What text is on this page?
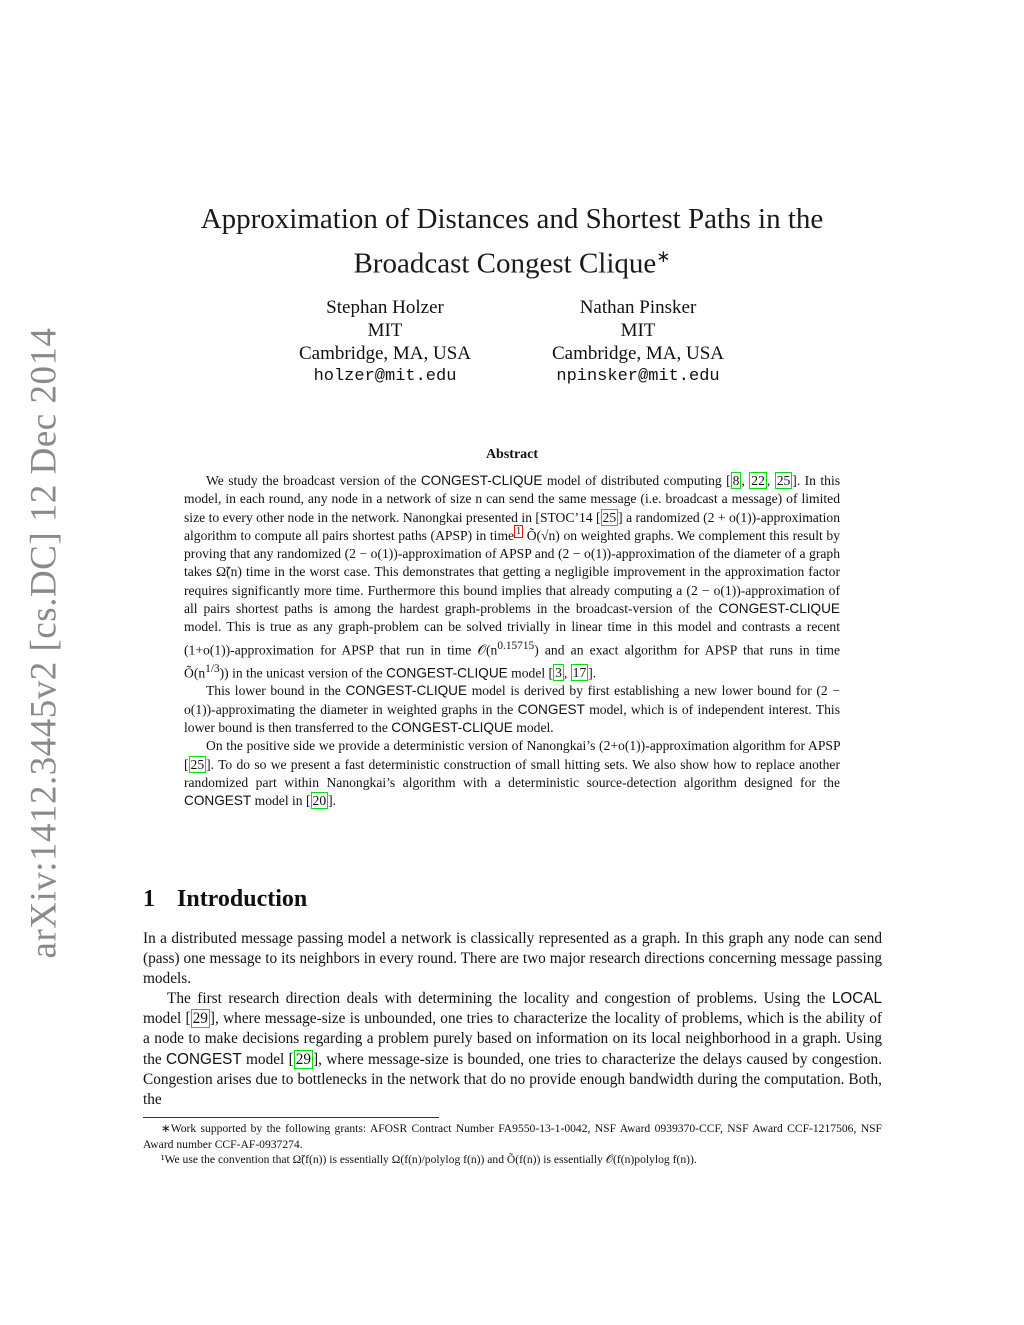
arXiv:1412.3445v2 [cs.DC] 12 Dec 2014
Approximation of Distances and Shortest Paths in the
Broadcast Congest Clique∗
Stephan Holzer
MIT
Cambridge, MA, USA
holzer@mit.edu
Nathan Pinsker
MIT
Cambridge, MA, USA
npinsker@mit.edu
Abstract

We study the broadcast version of the CONGEST-CLIQUE model of distributed computing [ 8 , 22 , 25 ]. In this model, in each round, any node in a network of size n can send the same message (i.e. broadcast a message) of limited size to every other node in the network. Nanongkai presented in [STOC’14 [ 25 ] a randomized (2 + o(1))-approximation algorithm to compute all pairs shortest paths (APSP) in time $^1$ Õ(√n) on weighted graphs. We complement this result by proving that any randomized (2 − o(1))-approximation of APSP and (2 − o(1))-approximation of the diameter of a graph takes Ω̃(n) time in the worst case. This demonstrates that getting a negligible improvement in the approximation factor requires significantly more time. Furthermore this bound implies that already computing a (2 − o(1))-approximation of all pairs shortest paths is among the hardest graph-problems in the broadcast-version of the CONGEST-CLIQUE model. This is true as any graph-problem can be solved trivially in linear time in this model and contrasts a recent (1+o(1))-approximation for APSP that run in time $𝒪(n^{0.15715})$ and an exact algorithm for APSP that runs in time $Õ(n^{1/3})$) in the unicast version of the CONGEST-CLIQUE model [ 3 , 17 ].

This lower bound in the CONGEST-CLIQUE model is derived by first establishing a new lower bound for (2 − o(1))-approximating the diameter in weighted graphs in the CONGEST model, which is of independent interest. This lower bound is then transferred to the CONGEST-CLIQUE model.

On the positive side we provide a deterministic version of Nanongkai’s (2+o(1))-approximation algorithm for APSP [ 25 ]. To do so we present a fast deterministic construction of small hitting sets. We also show how to replace another randomized part within Nanongkai’s algorithm with a deterministic source-detection algorithm designed for the CONGEST model in [ 20 ].

1 Introduction

In a distributed message passing model a network is classically represented as a graph. In this graph any node can send (pass) one message to its neighbors in every round. There are two major research directions concerning message passing models.

The first research direction deals with determining the locality and congestion of problems. Using the LOCAL model [ 29 ], where message-size is unbounded, one tries to characterize the locality of problems, which is the ability of a node to make decisions regarding a problem purely based on information on its local neighborhood in a graph. Using the CONGEST model [ 29 ], where message-size is bounded, one tries to characterize the delays caused by congestion. Congestion arises due to bottlenecks in the network that do no provide enough bandwidth during the computation. Both, the

∗Work supported by the following grants: AFOSR Contract Number FA9550-13-1-0042, NSF Award 0939370-CCF, NSF Award CCF-1217506, NSF Award number CCF-AF-0937274.

¹We use the convention that Ω̃(f(n)) is essentially Ω(f(n)/polylog f(n)) and Õ(f(n)) is essentially 𝒪(f(n)polylog f(n)).
